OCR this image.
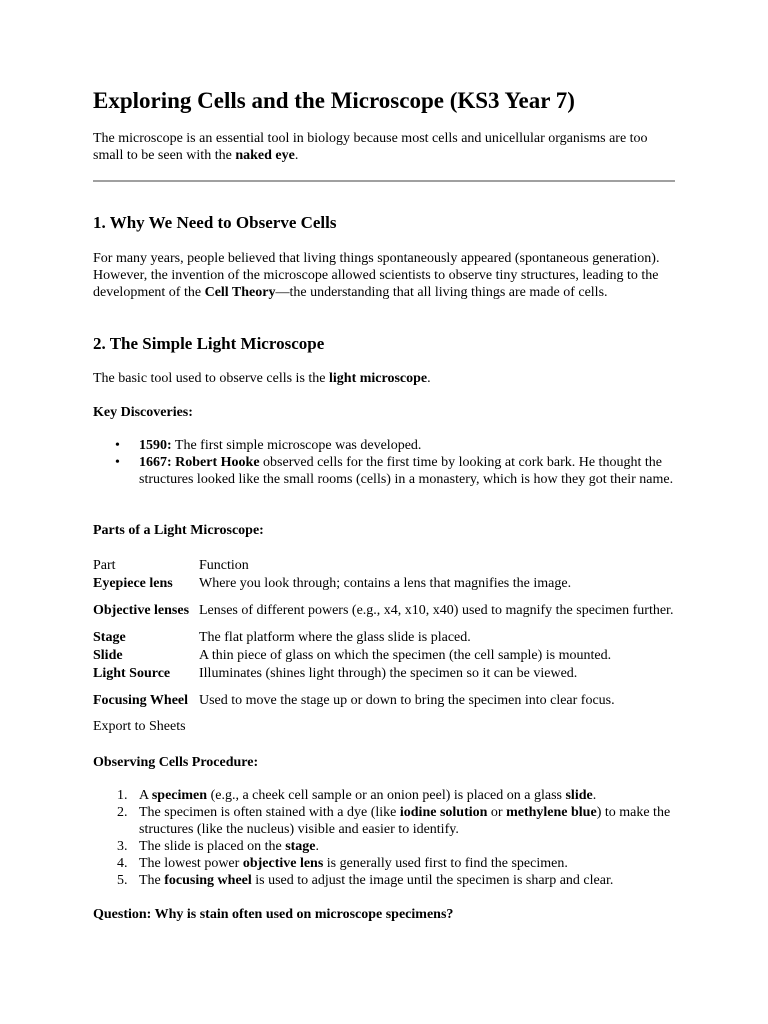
Exploring Cells and the Microscope (KS3 Year 7)

The microscope is an essential tool in biology because most cells and unicellular organisms are too small to be seen with the naked eye.

1. Why We Need to Observe Cells

For many years, people believed that living things spontaneously appeared (spontaneous generation). However, the invention of the microscope allowed scientists to observe tiny structures, leading to the development of the Cell Theory—the understanding that all living things are made of cells.

2. The Simple Light Microscope

The basic tool used to observe cells is the light microscope.

Key Discoveries:

• 1590: The first simple microscope was developed.
• 1667: Robert Hooke observed cells for the first time by looking at cork bark. He thought the structures looked like the small rooms (cells) in a monastery, which is how they got their name.

Parts of a Light Microscope:

Part	Function

Eyepiece lens	Where you look through; contains a lens that magnifies the image.

Objective lenses	Lenses of different powers (e.g., x4, x10, x40) used to magnify the specimen further.

Stage	The flat platform where the glass slide is placed.

Slide	A thin piece of glass on which the specimen (the cell sample) is mounted.

Light Source	Illuminates (shines light through) the specimen so it can be viewed.

Focusing Wheel	Used to move the stage up or down to bring the specimen into clear focus.
Export to Sheets

Observing Cells Procedure:

1. A specimen (e.g., a cheek cell sample or an onion peel) is placed on a glass slide.
2. The specimen is often stained with a dye (like iodine solution or methylene blue) to make the structures (like the nucleus) visible and easier to identify.
3. The slide is placed on the stage.
4. The lowest power objective lens is generally used first to find the specimen.
5. The focusing wheel is used to adjust the image until the specimen is sharp and clear.

Question: Why is stain often used on microscope specimens?
